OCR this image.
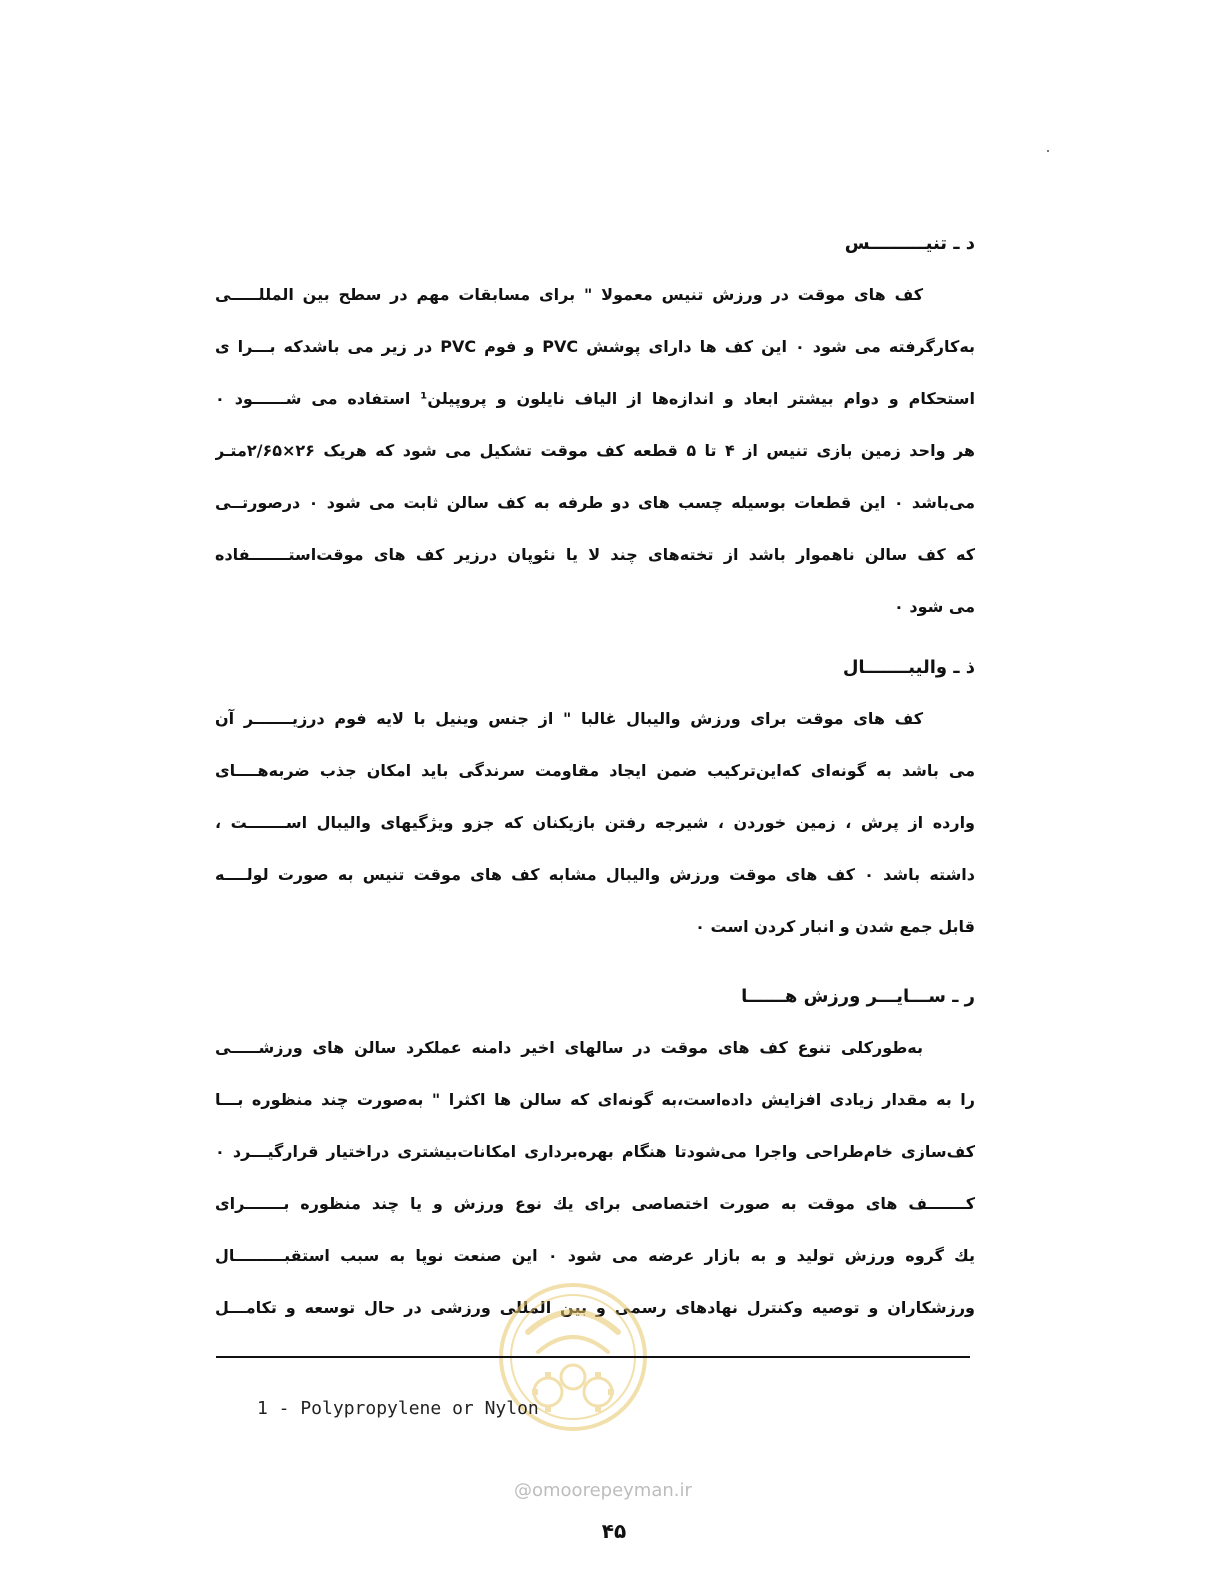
د ـ تنیـــــــــس
کف های موقت در ورزش تنیس معمولا " برای مسابقات مهم در سطح بین المللـــــی
به‌کارگرفته می شود ۰ این کف ها دارای پوشش PVC و فوم PVC در زیر می باشدکه بـــرا ی
استحکام و دوام بیشتر ابعاد و اندازه‌ها از الیاف نایلون و پروپیلن¹ استفاده می شــــــود ۰
هر واحد زمین بازی تنیس از ۴ تا ۵ قطعه کف موقت تشکیل می شود که هریک ۲۶×۲/۶۵متـر
می‌باشد ۰ این قطعات بوسیله چسب های دو طرفه به کف سالن ثابت می شود ۰ درصورتــی
که کف سالن ناهموار باشد از تخته‌های چند لا یا نئوپان درزیر کف های موقت‌استـــــــفاده
می شود ۰
ذ ـ والیبـــــــال
کف های موقت برای ورزش والیبال غالبا " از جنس وینیل با لایه فوم درزیـــــــر آن
می باشد به گونه‌ای که‌این‌ترکیب ضمن ایجاد مقاومت سرندگی باید امکان جذب ضربه‌هــــای
وارده از پرش ، زمین خوردن ، شیرجه رفتن بازیکنان که جزو ویژگیهای والیبال اســـــــت ،
داشته باشد ۰ کف های موقت ورزش والیبال مشابه کف های موقت تنیس به صورت لولــــه
قابل جمع شدن و انبار کردن است ۰
ر ـ ســـایـــر ورزش هــــــا
به‌طورکلی تنوع کف های موقت در سالهای اخیر دامنه عملکرد سالن های ورزشـــــی
را به مقدار زیادی افزایش داده‌است،به گونه‌ای که سالن ها اکثرا " به‌صورت چند منظوره بـــا
کف‌سازی خام‌طراحی واجرا می‌شودتا هنگام بهره‌برداری امکانات‌بیشتری دراختیار قرارگیـــرد ۰
کـــــــف های موقت به صورت اختصاصی برای یك نوع ورزش و یا چند منظوره بـــــــرای
یك گروه ورزش تولید و به بازار عرضه می شود ۰ این صنعت نوپا به سبب استقبـــــــــال
ورزشکاران و توصیه وکنترل نهادهای رسمی و بین المللی ورزشی در حال توسعه و تکامـــل
1 - Polypropylene or Nylon
@omoorepeyman.ir
۴۵
